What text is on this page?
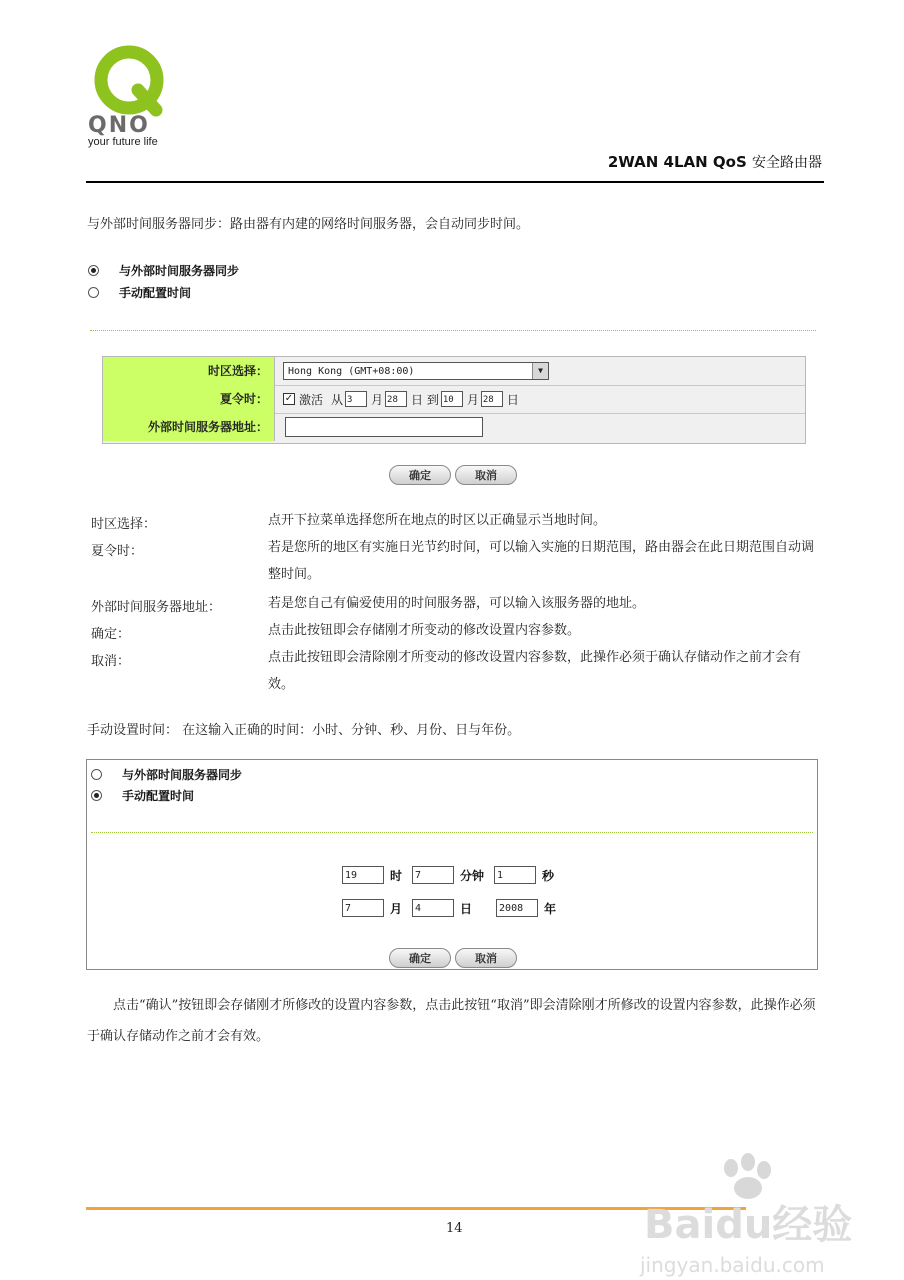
QNO
your future life
2WAN 4LAN QoS 安全路由器
与外部时间服务器同步：路由器有内建的网络时间服务器，会自动同步时间。
与外部时间服务器同步
手动配置时间
时区选择：	Hong Kong (GMT+08:00)	▼
夏令时：	✓ 激活 从 3	月 28	日 到 10	月 28	日
外部时间服务器地址：
确定	取消
时区选择：	点开下拉菜单选择您所在地点的时区以正确显示当地时间。
夏令时：	若是您所的地区有实施日光节约时间，可以输入实施的日期范围，路由器会在此日期范围自动调整时间。
外部时间服务器地址：	若是您自己有偏爱使用的时间服务器，可以输入该服务器的地址。
确定：	点击此按钮即会存储刚才所变动的修改设置内容参数。
取消：	点击此按钮即会清除刚才所变动的修改设置内容参数，此操作必须于确认存储动作之前才会有效。
手动设置时间： 在这输入正确的时间：小时、分钟、秒、月份、日与年份。
与外部时间服务器同步
手动配置时间
19	时	7	分钟	1	秒
7	月	4	日	2008	年
确定	取消
点击“确认”按钮即会存储刚才所修改的设置内容参数，点击此按钮“取消”即会清除刚才所修改的设置内容参数，此操作必须于确认存储动作之前才会有效。
14	Baidu经验
jingyan.baidu.com
